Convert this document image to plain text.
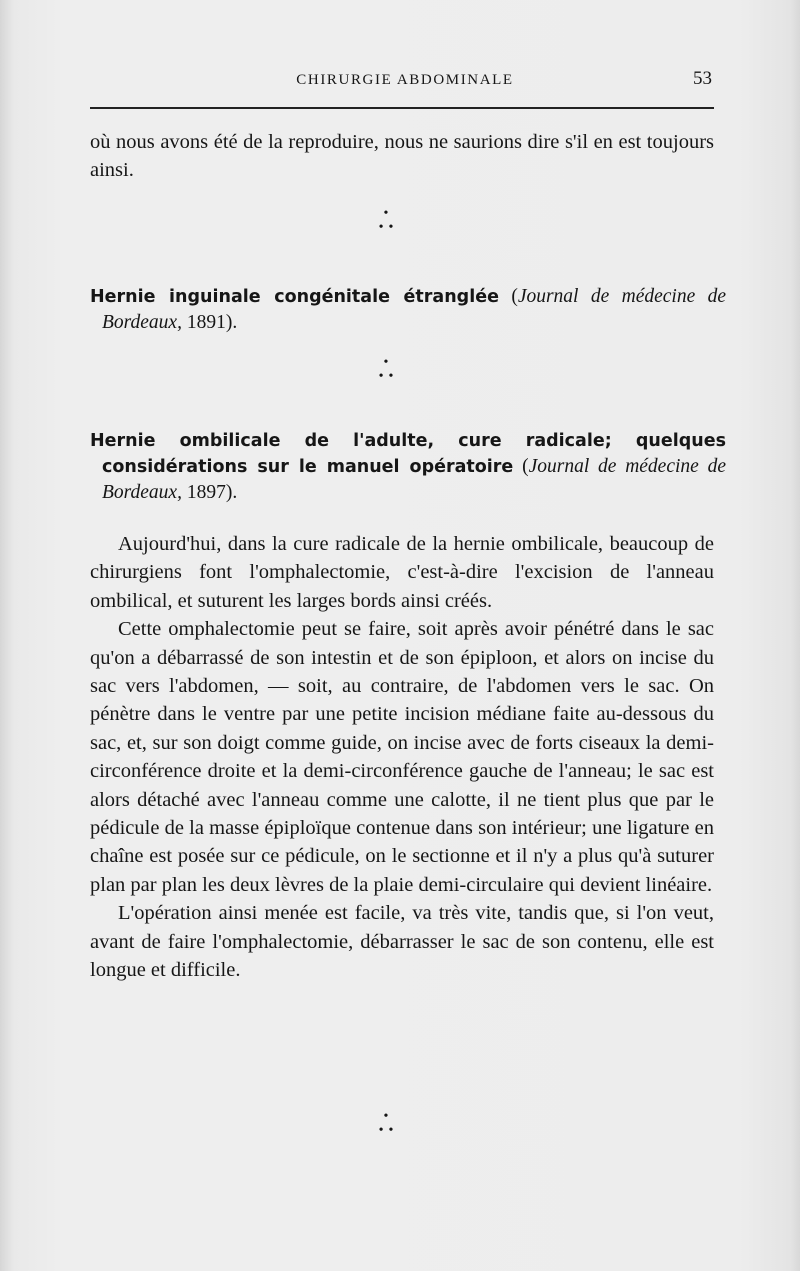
CHIRURGIE ABDOMINALE	53

où nous avons été de la reproduire, nous ne saurions dire s'il en est toujours ainsi.

•
••
Hernie inguinale congénitale étranglée (Journal de médecine de Bordeaux, 1891).
•
••
Hernie ombilicale de l'adulte, cure radicale; quelques considérations sur le manuel opératoire (Journal de médecine de Bordeaux, 1897).

Aujourd'hui, dans la cure radicale de la hernie ombilicale, beaucoup de chirurgiens font l'omphalectomie, c'est-à-dire l'excision de l'anneau ombilical, et suturent les larges bords ainsi créés.

Cette omphalectomie peut se faire, soit après avoir pénétré dans le sac qu'on a débarrassé de son intestin et de son épiploon, et alors on incise du sac vers l'abdomen, — soit, au contraire, de l'abdomen vers le sac. On pénètre dans le ventre par une petite incision médiane faite au-dessous du sac, et, sur son doigt comme guide, on incise avec de forts ciseaux la demi-circonférence droite et la demi-circonférence gauche de l'anneau; le sac est alors détaché avec l'anneau comme une calotte, il ne tient plus que par le pédicule de la masse épiploïque contenue dans son intérieur; une ligature en chaîne est posée sur ce pédicule, on le sectionne et il n'y a plus qu'à suturer plan par plan les deux lèvres de la plaie demi-circulaire qui devient linéaire.

L'opération ainsi menée est facile, va très vite, tandis que, si l'on veut, avant de faire l'omphalectomie, débarrasser le sac de son contenu, elle est longue et difficile.

•
••
